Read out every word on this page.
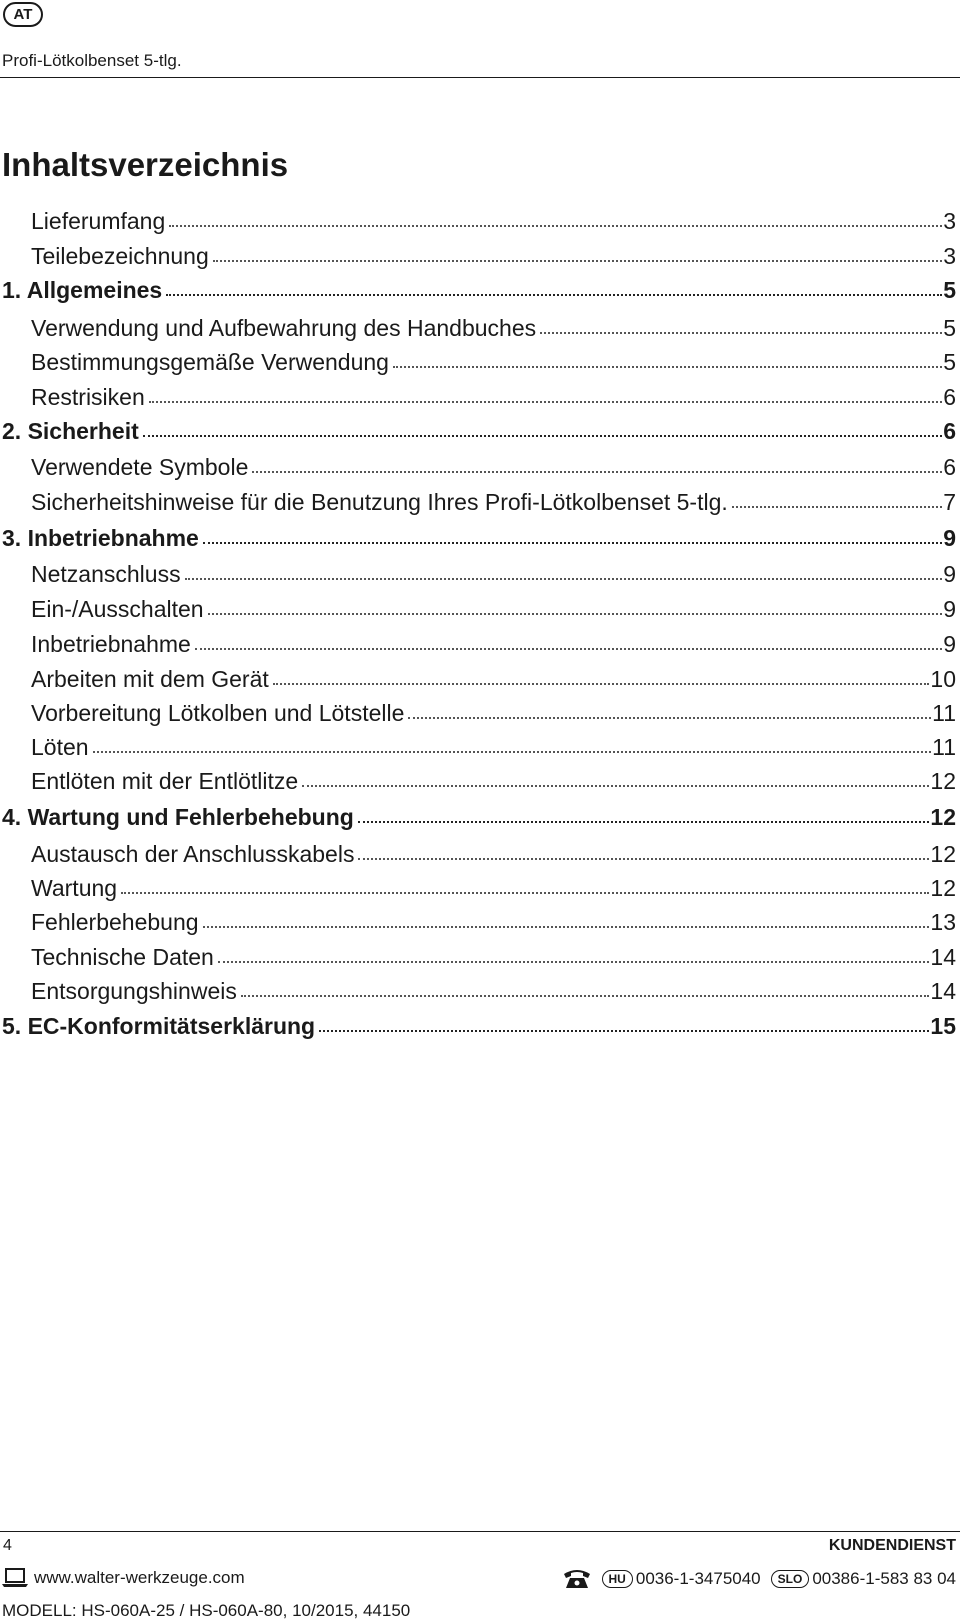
AT
Profi-Lötkolbenset 5-tlg.
Inhaltsverzeichnis
Lieferumfang	3
Teilebezeichnung	3
1. Allgemeines	5
Verwendung und Aufbewahrung des Handbuches	5
Bestimmungsgemäße Verwendung	5
Restrisiken	6
2. Sicherheit	6
Verwendete Symbole	6
Sicherheitshinweise für die Benutzung Ihres Profi-Lötkolbenset 5-tlg.	7
3. Inbetriebnahme	9
Netzanschluss	9
Ein-/Ausschalten	9
Inbetriebnahme	9
Arbeiten mit dem Gerät	10
Vorbereitung Lötkolben und Lötstelle	11
Löten	11
Entlöten mit der Entlötlitze	12
4. Wartung und Fehlerbehebung	12
Austausch der Anschlusskabels	12
Wartung	12
Fehlerbehebung	13
Technische Daten	14
Entsorgungshinweis	14
5. EC-Konformitätserklärung	15
4	KUNDENDIENST
www.walter-werkzeuge.com	HU 0036-1-3475040	SLO 00386-1-583 83 04
MODELL: HS-060A-25 / HS-060A-80, 10/2015, 44150
